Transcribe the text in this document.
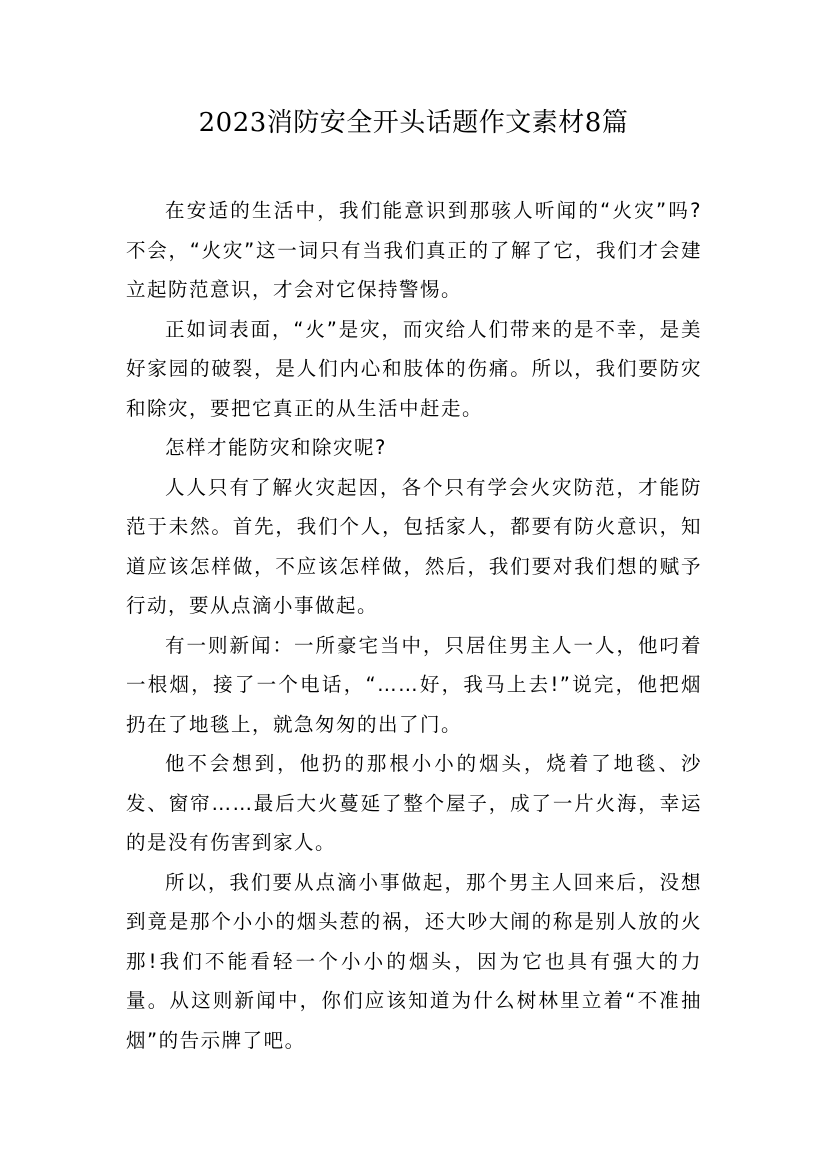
2023消防安全开头话题作文素材8篇

在安适的生活中，我们能意识到那骇人听闻的“火灾”吗?不会，“火灾”这一词只有当我们真正的了解了它，我们才会建立起防范意识，才会对它保持警惕。

正如词表面，“火”是灾，而灾给人们带来的是不幸，是美好家园的破裂，是人们内心和肢体的伤痛。所以，我们要防灾和除灾，要把它真正的从生活中赶走。

怎样才能防灾和除灾呢?

人人只有了解火灾起因，各个只有学会火灾防范，才能防范于未然。首先，我们个人，包括家人，都要有防火意识，知道应该怎样做，不应该怎样做，然后，我们要对我们想的赋予行动，要从点滴小事做起。

有一则新闻：一所豪宅当中，只居住男主人一人，他叼着一根烟，接了一个电话，“……好，我马上去!”说完，他把烟扔在了地毯上，就急匆匆的出了门。

他不会想到，他扔的那根小小的烟头，烧着了地毯、沙发、窗帘……最后大火蔓延了整个屋子，成了一片火海，幸运的是没有伤害到家人。

所以，我们要从点滴小事做起，那个男主人回来后，没想到竟是那个小小的烟头惹的祸，还大吵大闹的称是别人放的火那!我们不能看轻一个小小的烟头，因为它也具有强大的力量。从这则新闻中，你们应该知道为什么树林里立着“不准抽烟”的告示牌了吧。
